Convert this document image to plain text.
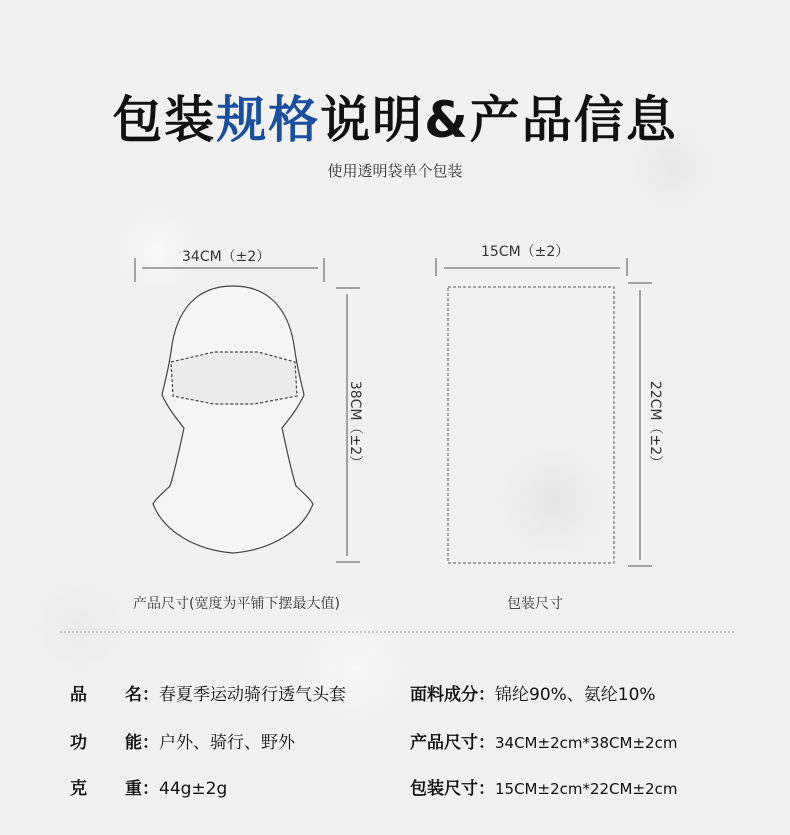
包装规格说明&产品信息
使用透明袋单个包装
34CM（±2）
38CM（±2）
产品尺寸(宽度为平铺下摆最大值)
15CM（±2）
22CM（±2）
包装尺寸
品 名：春夏季运动骑行透气头套
功 能：户外、骑行、野外
克 重：44g±2g
面料成分：锦纶90%、氨纶10%
产品尺寸：34CM±2cm*38CM±2cm
包装尺寸：15CM±2cm*22CM±2cm
